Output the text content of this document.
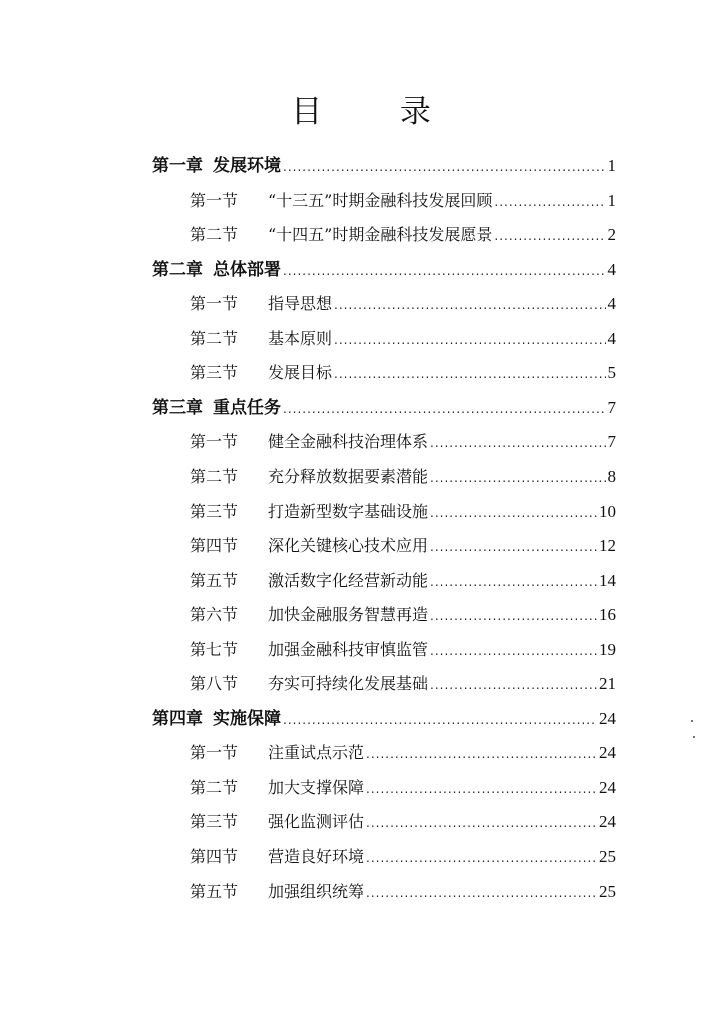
目 录
第一章 发展环境 .....	1
第一节	“十三五”时期金融科技发展回顾 .....	1
第二节	“十四五”时期金融科技发展愿景 .....	2
第二章 总体部署 .....	4
第一节	指导思想 .....	4
第二节	基本原则 .....	4
第三节	发展目标 .....	5
第三章 重点任务 .....	7
第一节	健全金融科技治理体系 .....	7
第二节	充分释放数据要素潜能 .....	8
第三节	打造新型数字基础设施 .....	10
第四节	深化关键核心技术应用 .....	12
第五节	激活数字化经营新动能 .....	14
第六节	加快金融服务智慧再造 .....	16
第七节	加强金融科技审慎监管 .....	19
第八节	夯实可持续化发展基础 .....	21
第四章 实施保障 .....	24
第一节	注重试点示范 .....	24
第二节	加大支撑保障 .....	24
第三节	强化监测评估 .....	24
第四节	营造良好环境 .....	25
第五节	加强组织统筹 .....	25
